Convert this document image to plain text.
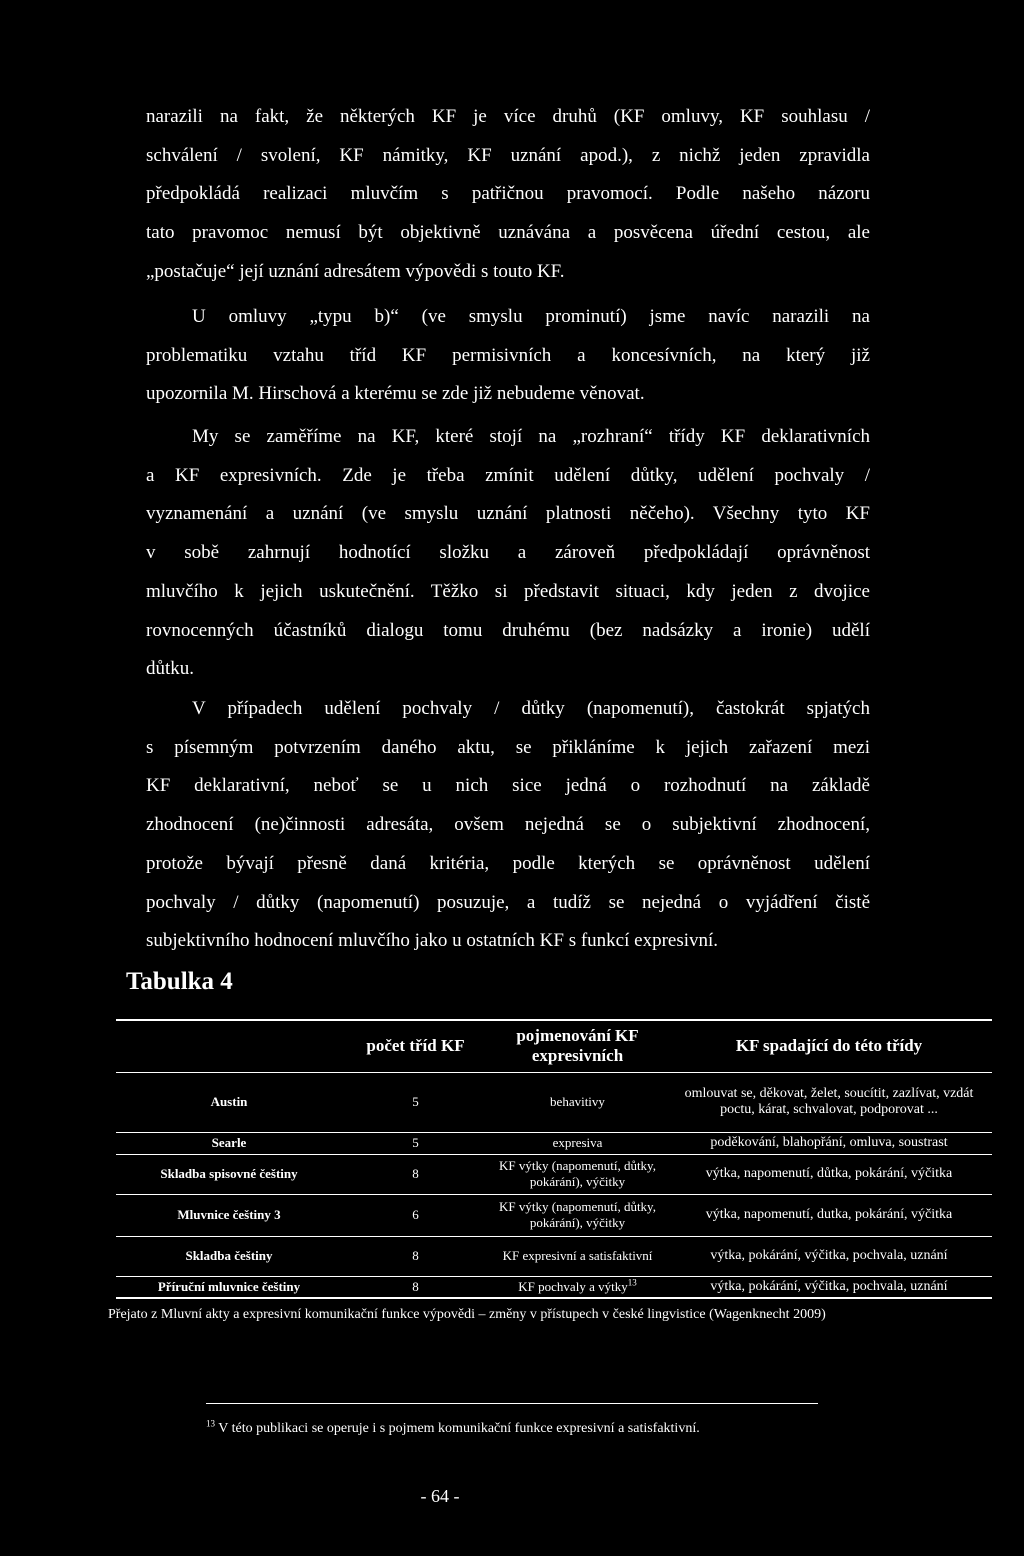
narazili na fakt, že některých KF je více druhů (KF omluvy, KF souhlasu /
schválení / svolení, KF námitky, KF uznání apod.), z nichž jeden zpravidla
předpokládá realizaci mluvčím s patřičnou pravomocí. Podle našeho názoru
tato pravomoc nemusí být objektivně uznávána a posvěcena úřední cestou, ale
„postačuje“ její uznání adresátem výpovědi s touto KF.
U omluvy „typu b)“ (ve smyslu prominutí) jsme navíc narazili na
problematiku vztahu tříd KF permisivních a koncesívních, na který již
upozornila M. Hirschová a kterému se zde již nebudeme věnovat.
My se zaměříme na KF, které stojí na „rozhraní“ třídy KF deklarativních
a KF expresivních. Zde je třeba zmínit udělení důtky, udělení pochvaly /
vyznamenání a uznání (ve smyslu uznání platnosti něčeho). Všechny tyto KF
v sobě zahrnují hodnotící složku a zároveň předpokládají oprávněnost
mluvčího k jejich uskutečnění. Těžko si představit situaci, kdy jeden z dvojice
rovnocenných účastníků dialogu tomu druhému (bez nadsázky a ironie) udělí
důtku.
V případech udělení pochvaly / důtky (napomenutí), častokrát spjatých
s písemným potvrzením daného aktu, se přikláníme k jejich zařazení mezi
KF deklarativní, neboť se u nich sice jedná o rozhodnutí na základě
zhodnocení (ne)činnosti adresáta, ovšem nejedná se o subjektivní zhodnocení,
protože bývají přesně daná kritéria, podle kterých se oprávněnost udělení
pochvaly / důtky (napomenutí) posuzuje, a tudíž se nejedná o vyjádření čistě
subjektivního hodnocení mluvčího jako u ostatních KF s funkcí expresivní.
Tabulka 4
	počet tříd KF	pojmenování KF expresivních	KF spadající do této třídy
Austin	5	behavitivy	omlouvat se, děkovat, želet, soucítit, zazlívat, vzdát poctu, kárat, schvalovat, podporovat ...
Searle	5	expresiva	poděkování, blahopřání, omluva, soustrast
Skladba spisovné češtiny	8	KF výtky (napomenutí, důtky, pokárání), výčitky	výtka, napomenutí, důtka, pokárání, výčitka
Mluvnice češtiny 3	6	KF výtky (napomenutí, důtky, pokárání), výčitky	výtka, napomenutí, dutka, pokárání, výčitka
Skladba češtiny	8	KF expresivní a satisfaktivní	výtka, pokárání, výčitka, pochvala, uznání
Příruční mluvnice češtiny	8	KF pochvaly a výtky$^{13}$	výtka, pokárání, výčitka, pochvala, uznání

Přejato z Mluvní akty a expresivní komunikační funkce výpovědi – změny v přístupech v české lingvistice (Wagenknecht 2009)

$^{13}$ V této publikaci se operuje i s pojmem komunikační funkce expresivní a satisfaktivní.

- 64 -
